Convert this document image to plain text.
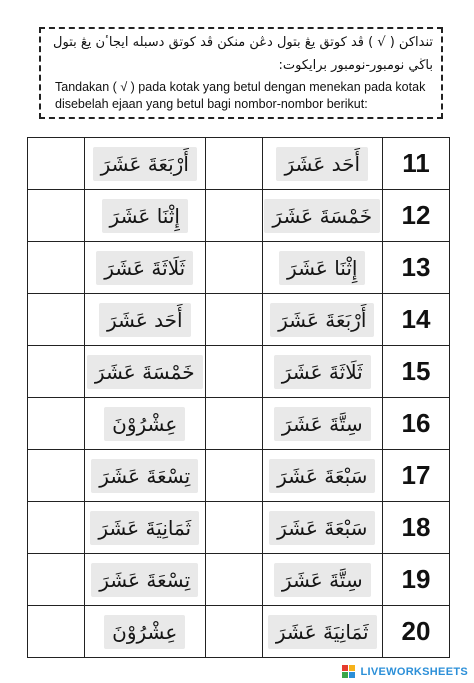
تنداكن ( √ ) ڤد كوتق يڠ بتول دڠن منكن ڤد كوتق دسبله ايجاٴن يڠ بتول باڬي نومبور-نومبور برايكوت:
Tandakan ( √ ) pada kotak yang betul dengan menekan pada kotak disebelah ejaan yang betul bagi nombor-nombor berikut:
	أَرْبَعَةَ عَشَرَ		أَحَد عَشَرَ	11
	إِثْنَا عَشَرَ		خَمْسَةَ عَشَرَ	12
	ثَلَاثَةَ عَشَرَ		إِثْنَا عَشَرَ	13
	أَحَد عَشَرَ		أَرْبَعَةَ عَشَرَ	14
	خَمْسَةَ عَشَرَ		ثَلَاثَةَ عَشَرَ	15
	عِشْرُوْنَ		سِتَّةَ عَشَرَ	16
	تِسْعَةَ عَشَرَ		سَبْعَةَ عَشَرَ	17
	ثَمَانِيَةَ عَشَرَ		سَبْعَةَ عَشَرَ	18
	تِسْعَةَ عَشَرَ		سِتَّةَ عَشَرَ	19
	عِشْرُوْنَ		ثَمَانِيَةَ عَشَرَ	20
LIVEWORKSHEETS
